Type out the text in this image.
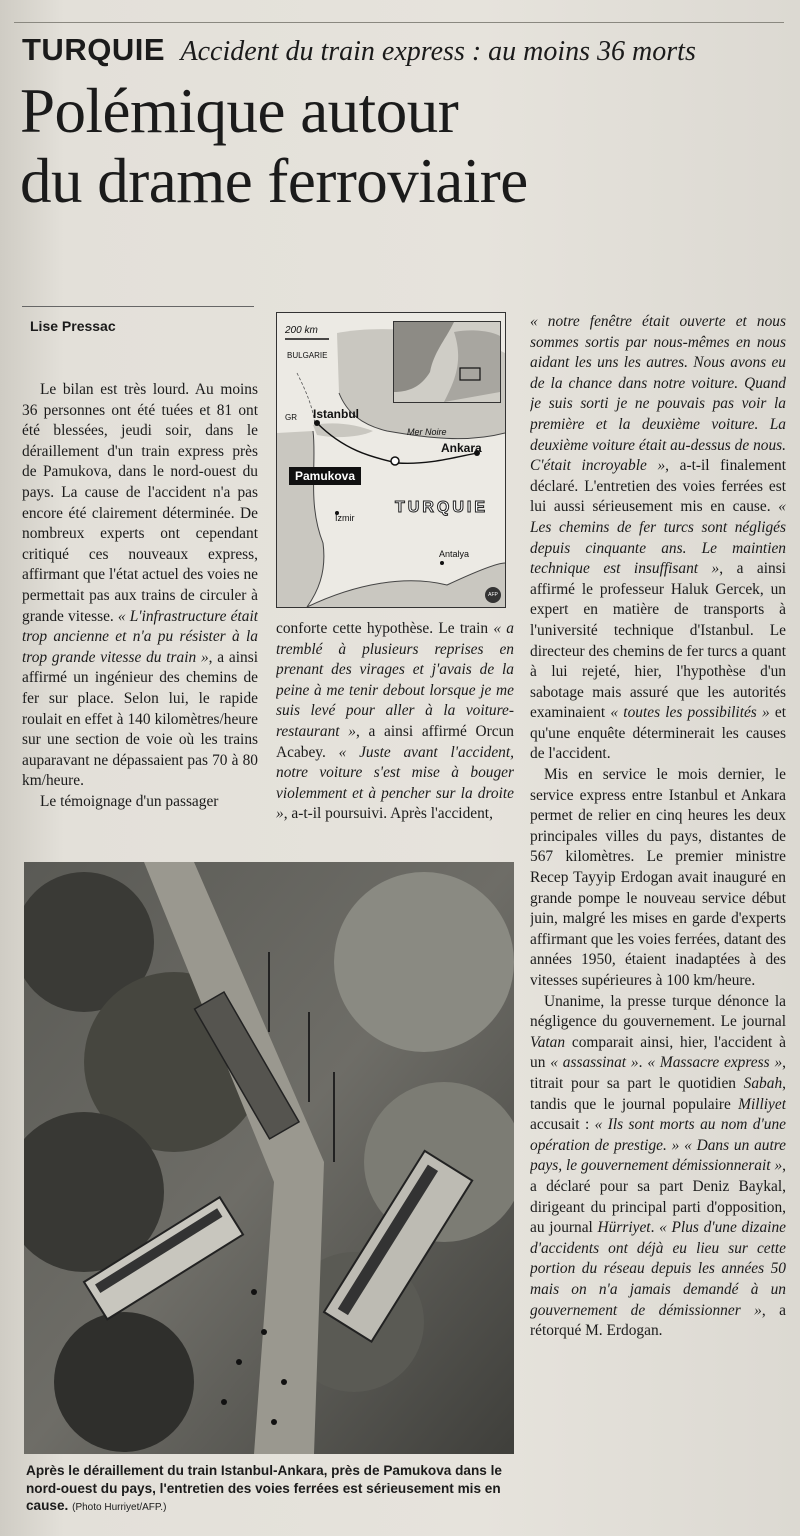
TURQUIE Accident du train express : au moins 36 morts
Polémique autour
du drame ferroviaire
Lise Pressac

Le bilan est très lourd. Au moins 36 personnes ont été tuées et 81 ont été blessées, jeudi soir, dans le déraillement d'un train express près de Pamukova, dans le nord-ouest du pays. La cause de l'accident n'a pas encore été clairement déterminée. De nombreux experts ont cependant critiqué ces nouveaux express, affirmant que l'état actuel des voies ne permettait pas aux trains de circuler à grande vitesse. « L'infrastructure était trop ancienne et n'a pu résister à la trop grande vitesse du train », a ainsi affirmé un ingénieur des chemins de fer sur place. Selon lui, le rapide roulait en effet à 140 kilomètres/heure sur une section de voie où les trains auparavant ne dépassaient pas 70 à 80 km/heure.

Le témoignage d'un passager

200 km
BULGARIE
GR Istanbul
Mer Noire
Ankara
Izmir
TURQUIE
Antalya
Pamukova
AFP

conforte cette hypothèse. Le train « a tremblé à plusieurs reprises en prenant des virages et j'avais de la peine à me tenir debout lorsque je me suis levé pour aller à la voiture-restaurant », a ainsi affirmé Orcun Acabey. « Juste avant l'accident, notre voiture s'est mise à bouger violemment et à pencher sur la droite », a-t-il poursuivi. Après l'accident,

« notre fenêtre était ouverte et nous sommes sortis par nous-mêmes en nous aidant les uns les autres. Nous avons eu de la chance dans notre voiture. Quand je suis sorti je ne pouvais pas voir la première et la deuxième voiture. La deuxième voiture était au-dessus de nous. C'était incroyable », a-t-il finalement déclaré. L'entretien des voies ferrées est lui aussi sérieusement mis en cause. « Les chemins de fer turcs sont négligés depuis cinquante ans. Le maintien technique est insuffisant », a ainsi affirmé le professeur Haluk Gercek, un expert en matière de transports à l'université technique d'Istanbul. Le directeur des chemins de fer turcs a quant à lui rejeté, hier, l'hypothèse d'un sabotage mais assuré que les autorités examinaient « toutes les possibilités » et qu'une enquête déterminerait les causes de l'accident.

Mis en service le mois dernier, le service express entre Istanbul et Ankara permet de relier en cinq heures les deux principales villes du pays, distantes de 567 kilomètres. Le premier ministre Recep Tayyip Erdogan avait inauguré en grande pompe le nouveau service début juin, malgré les mises en garde d'experts affirmant que les voies ferrées, datant des années 1950, étaient inadaptées à des vitesses supérieures à 100 km/heure.

Unanime, la presse turque dénonce la négligence du gouvernement. Le journal Vatan comparait ainsi, hier, l'accident à un « assassinat ». « Massacre express », titrait pour sa part le quotidien Sabah, tandis que le journal populaire Milliyet accusait : « Ils sont morts au nom d'une opération de prestige. » « Dans un autre pays, le gouvernement démissionnerait », a déclaré pour sa part Deniz Baykal, dirigeant du principal parti d'opposition, au journal Hürriyet. « Plus d'une dizaine d'accidents ont déjà eu lieu sur cette portion du réseau depuis les années 50 mais on n'a jamais demandé à un gouvernement de démissionner », a rétorqué M. Erdogan.

Après le déraillement du train Istanbul-Ankara, près de Pamukova dans le nord-ouest du pays, l'entretien des voies ferrées est sérieusement mis en cause. (Photo Hurriyet/AFP.)
